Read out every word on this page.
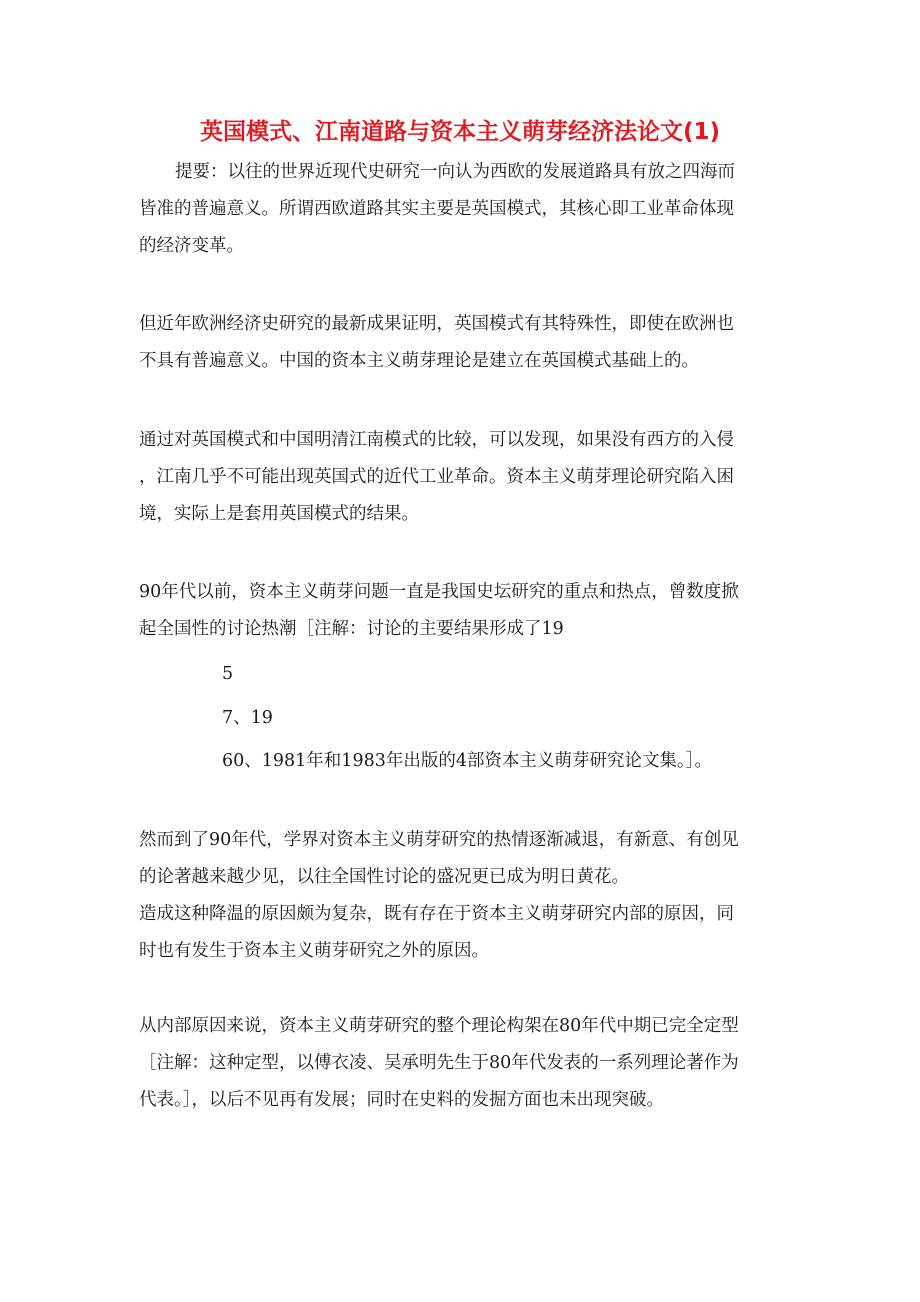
英国模式、江南道路与资本主义萌芽经济法论文(1)
提要：以往的世界近现代史研究一向认为西欧的发展道路具有放之四海而
皆准的普遍意义。所谓西欧道路其实主要是英国模式，其核心即工业革命体现
的经济变革。
但近年欧洲经济史研究的最新成果证明，英国模式有其特殊性，即使在欧洲也
不具有普遍意义。中国的资本主义萌芽理论是建立在英国模式基础上的。
通过对英国模式和中国明清江南模式的比较，可以发现，如果没有西方的入侵
，江南几乎不可能出现英国式的近代工业革命。资本主义萌芽理论研究陷入困
境，实际上是套用英国模式的结果。
90年代以前，资本主义萌芽问题一直是我国史坛研究的重点和热点，曾数度掀
起全国性的讨论热潮［注解：讨论的主要结果形成了19
5
7、19
60、1981年和1983年出版的4部资本主义萌芽研究论文集。］。
然而到了90年代，学界对资本主义萌芽研究的热情逐渐减退，有新意、有创见
的论著越来越少见，以往全国性讨论的盛况更已成为明日黄花。
造成这种降温的原因颇为复杂，既有存在于资本主义萌芽研究内部的原因，同
时也有发生于资本主义萌芽研究之外的原因。
从内部原因来说，资本主义萌芽研究的整个理论构架在80年代中期已完全定型
［注解：这种定型，以傅衣凌、吴承明先生于80年代发表的一系列理论著作为
代表。］，以后不见再有发展；同时在史料的发掘方面也未出现突破。
